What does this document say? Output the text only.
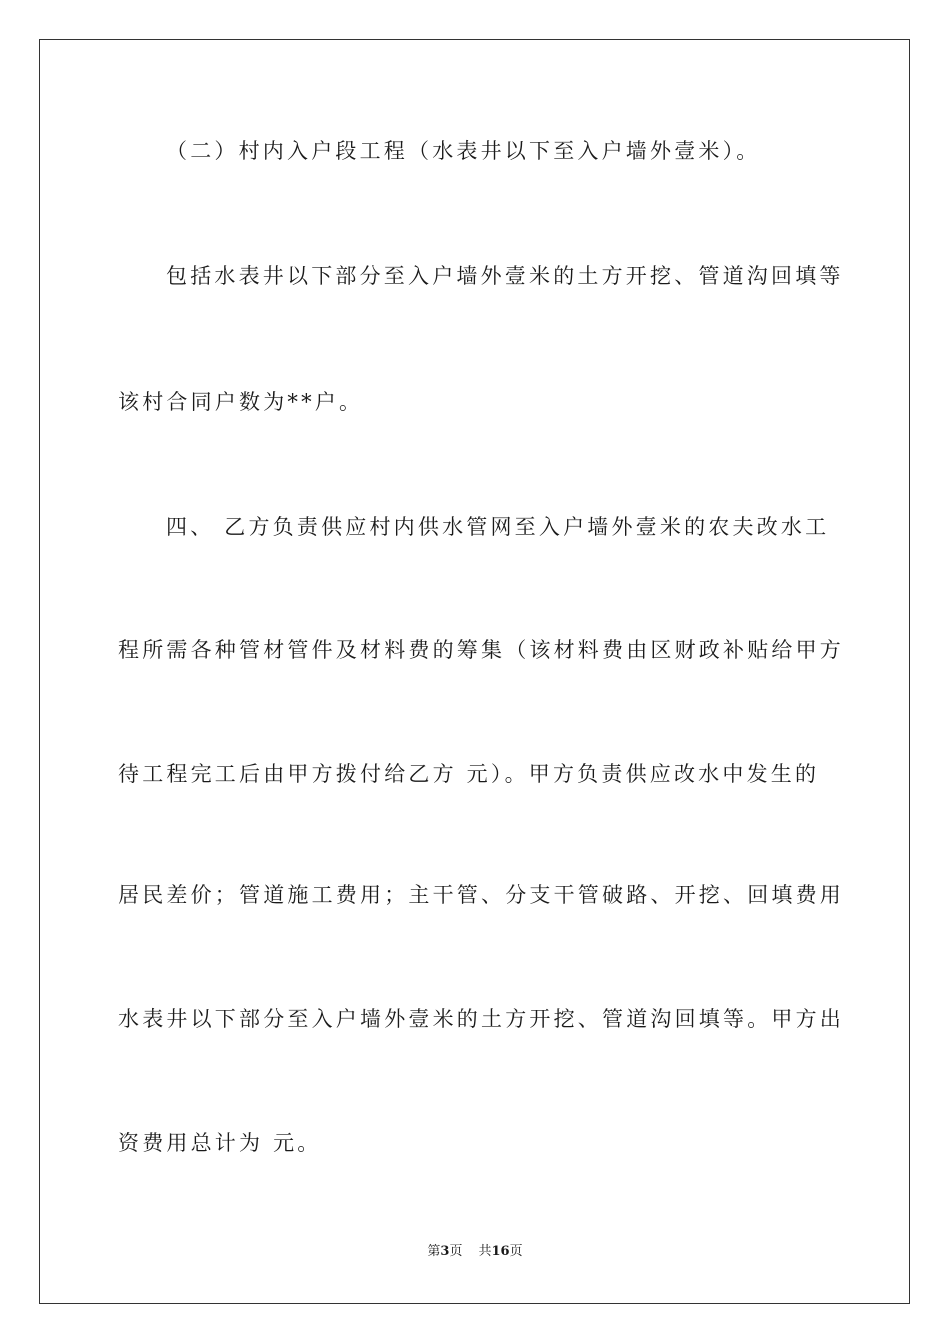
（二）村内入户段工程（水表井以下至入户墙外壹米）。
包括水表井以下部分至入户墙外壹米的土方开挖、管道沟回填等
该村合同户数为**户。
四、 乙方负责供应村内供水管网至入户墙外壹米的农夫改水工
程所需各种管材管件及材料费的筹集（该材料费由区财政补贴给甲方
待工程完工后由甲方拨付给乙方 元）。甲方负责供应改水中发生的
居民差价；管道施工费用；主干管、分支干管破路、开挖、回填费用
水表井以下部分至入户墙外壹米的土方开挖、管道沟回填等。甲方出
资费用总计为 元。
第3页 共16页
